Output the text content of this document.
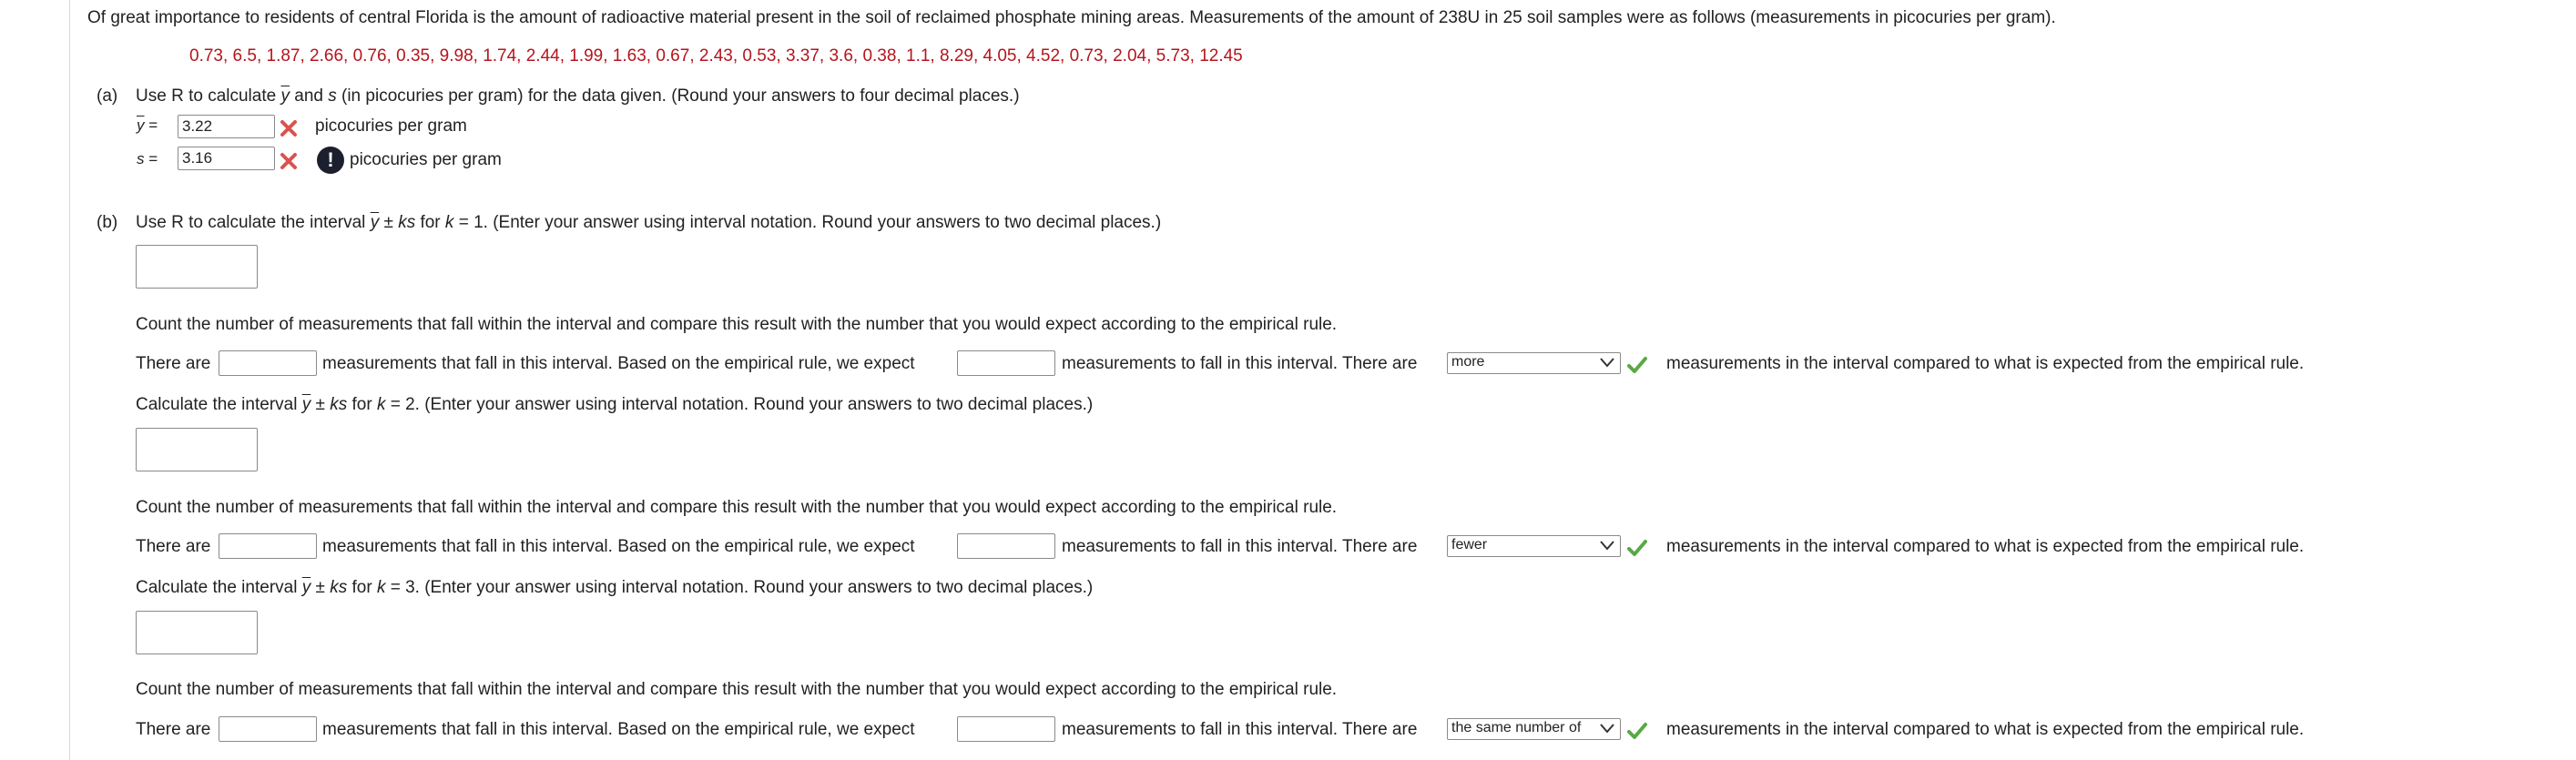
Of great importance to residents of central Florida is the amount of radioactive material present in the soil of reclaimed phosphate mining areas. Measurements of the amount of 238U in 25 soil samples were as follows (measurements in picocuries per gram).
0.73, 6.5, 1.87, 2.66, 0.76, 0.35, 9.98, 1.74, 2.44, 1.99, 1.63, 0.67, 2.43, 0.53, 3.37, 3.6, 0.38, 1.1, 8.29, 4.05, 4.52, 0.73, 2.04, 5.73, 12.45
(a) Use R to calculate $\overline{y}$ and s (in picocuries per gram) for the data given. (Round your answers to four decimal places.)
$\overline{y} = 3.22$	picocuries per gram
s = 3.16	! picocuries per gram
(b) Use R to calculate the interval $\overline{y}$ ± ks for k = 1. (Enter your answer using interval notation. Round your answers to two decimal places.)
Count the number of measurements that fall within the interval and compare this result with the number that you would expect according to the empirical rule.
There are	measurements that fall in this interval. Based on the empirical rule, we expect	measurements to fall in this interval. There are	more	measurements in the interval compared to what is expected from the empirical rule.
Calculate the interval $\overline{y}$ ± ks for k = 2. (Enter your answer using interval notation. Round your answers to two decimal places.)
Count the number of measurements that fall within the interval and compare this result with the number that you would expect according to the empirical rule.
There are	measurements that fall in this interval. Based on the empirical rule, we expect	measurements to fall in this interval. There are	fewer	measurements in the interval compared to what is expected from the empirical rule.
Calculate the interval $\overline{y}$ ± ks for k = 3. (Enter your answer using interval notation. Round your answers to two decimal places.)
Count the number of measurements that fall within the interval and compare this result with the number that you would expect according to the empirical rule.
There are	measurements that fall in this interval. Based on the empirical rule, we expect	measurements to fall in this interval. There are	the same number of	measurements in the interval compared to what is expected from the empirical rule.
